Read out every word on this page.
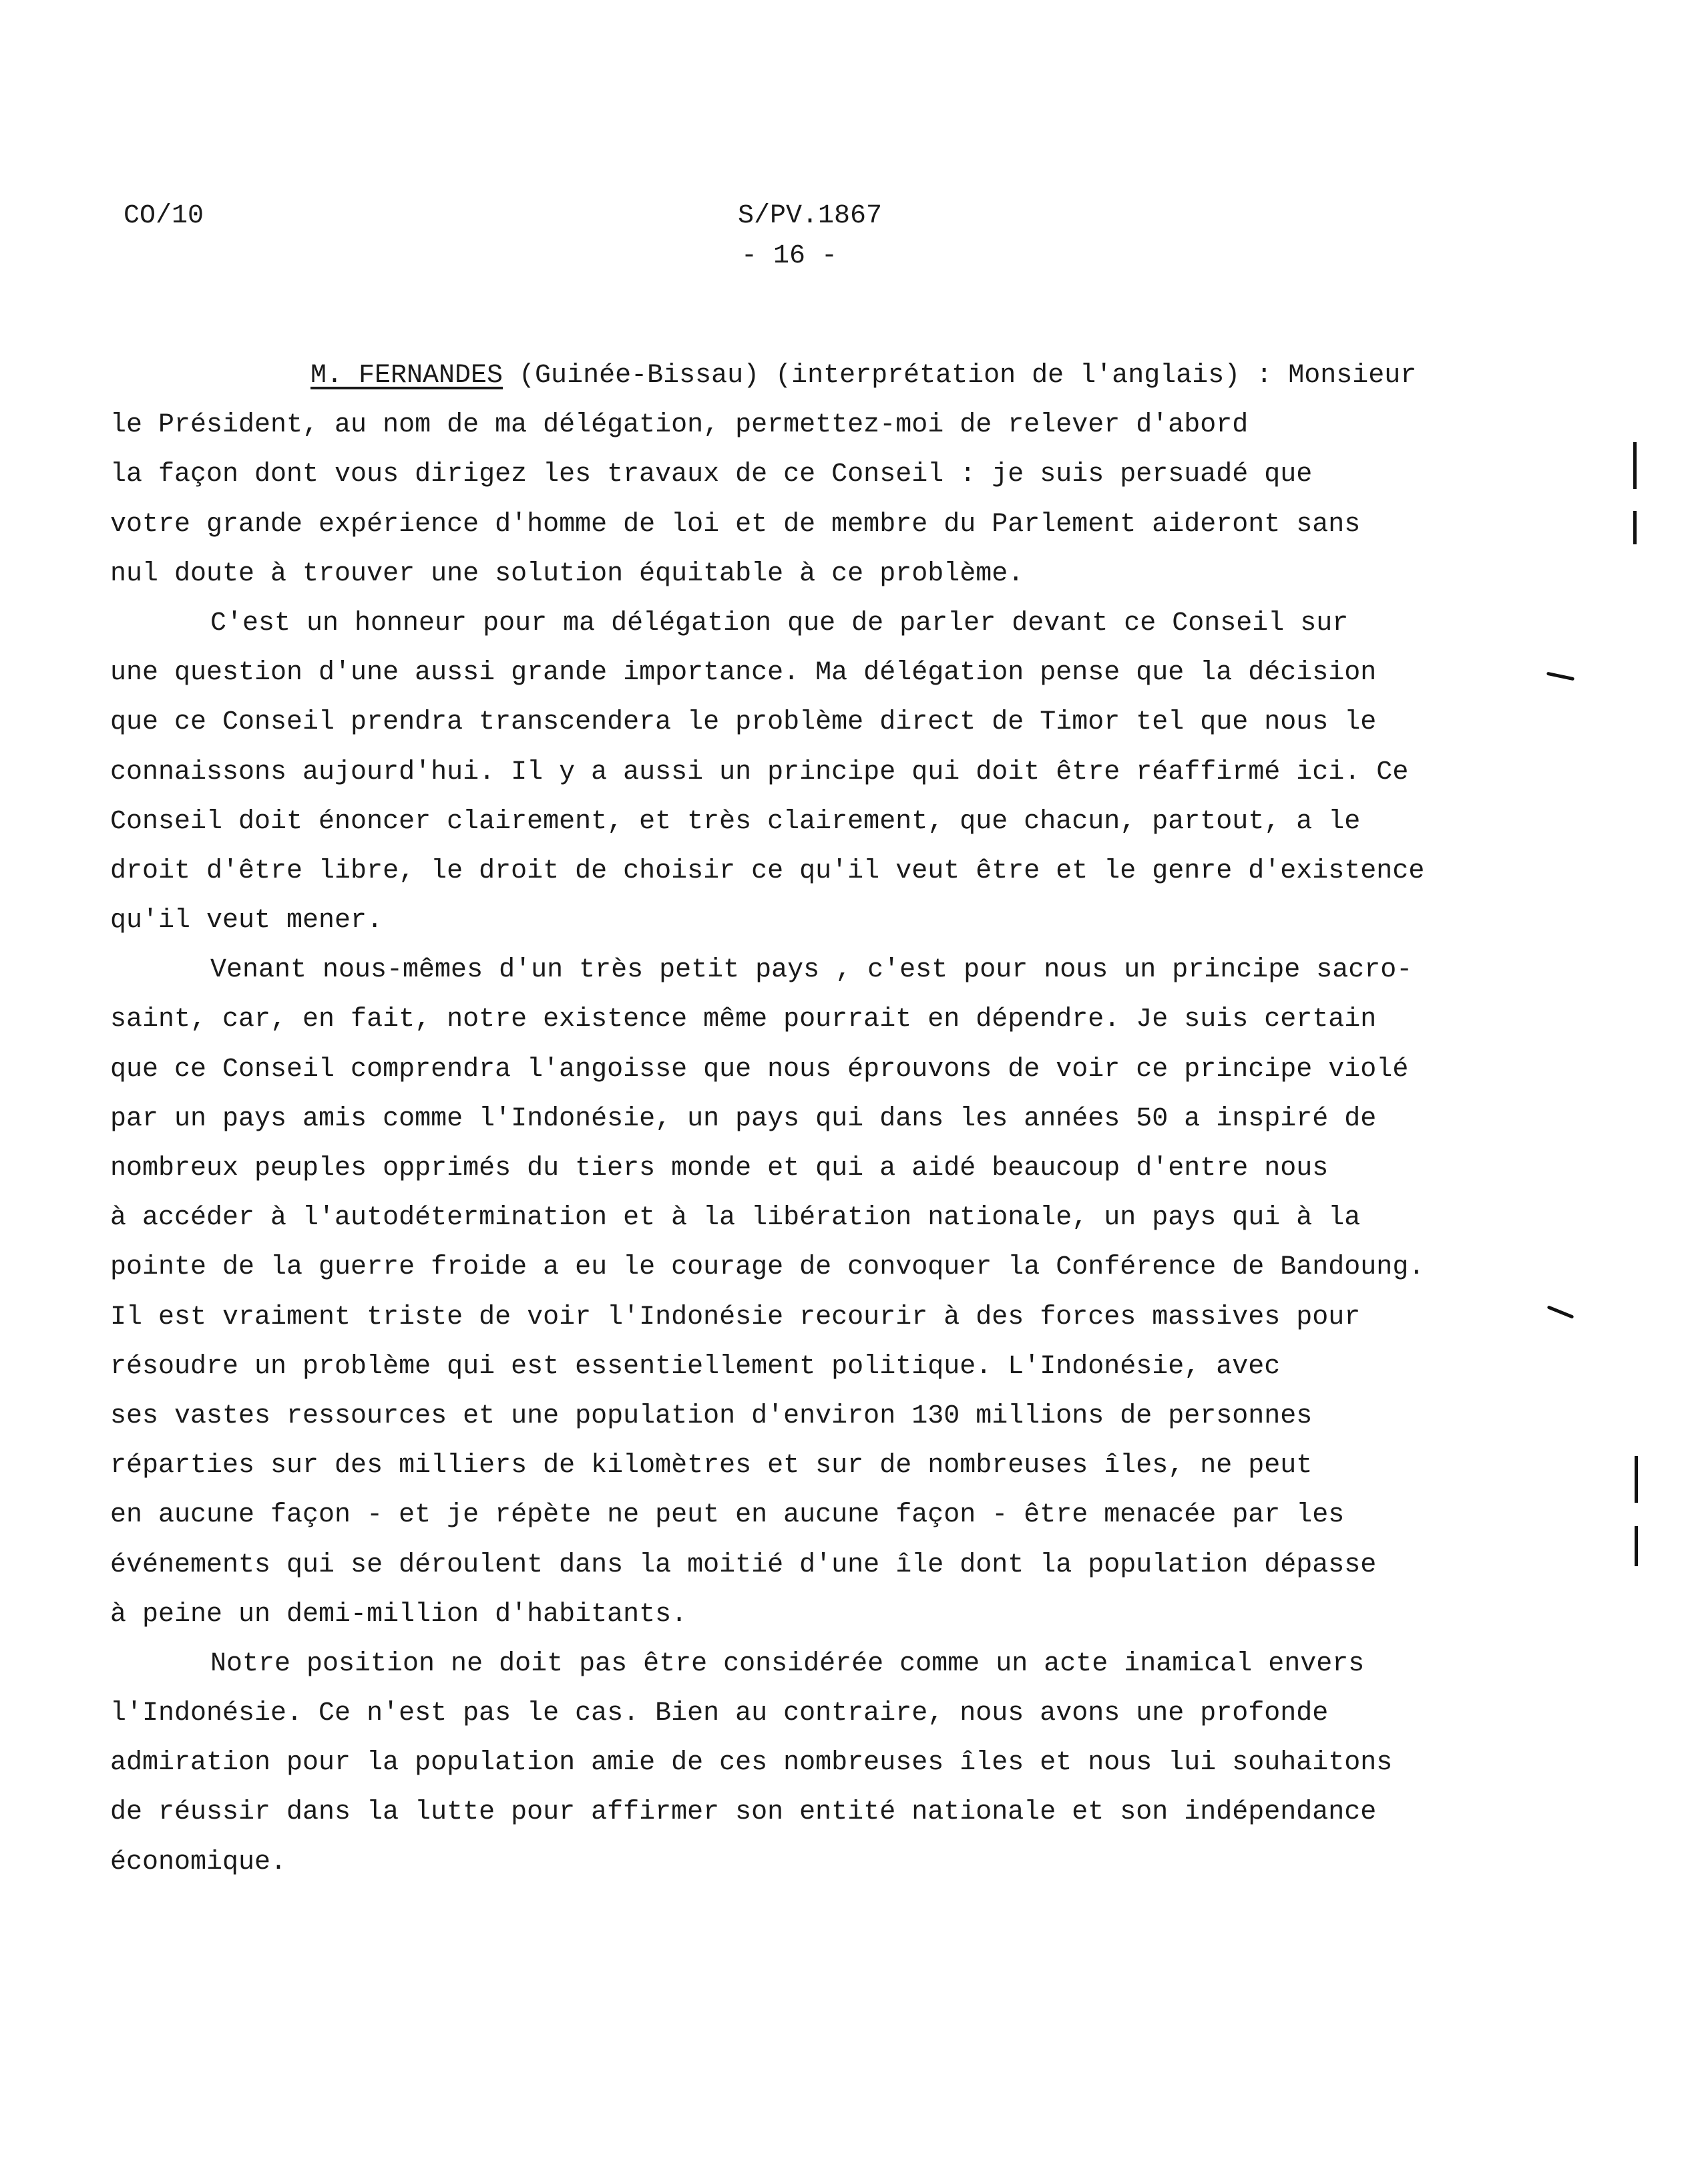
CO/10	S/PV.1867
- 16 -
M. FERNANDES (Guinée-Bissau) (interprétation de l'anglais) : Monsieur
le Président, au nom de ma délégation, permettez-moi de relever d'abord
la façon dont vous dirigez les travaux de ce Conseil : je suis persuadé que
votre grande expérience d'homme de loi et de membre du Parlement aideront sans
nul doute à trouver une solution équitable à ce problème.
C'est un honneur pour ma délégation que de parler devant ce Conseil sur
une question d'une aussi grande importance. Ma délégation pense que la décision
que ce Conseil prendra transcendera le problème direct de Timor tel que nous le
connaissons aujourd'hui. Il y a aussi un principe qui doit être réaffirmé ici. Ce
Conseil doit énoncer clairement, et très clairement, que chacun, partout, a le
droit d'être libre, le droit de choisir ce qu'il veut être et le genre d'existence
qu'il veut mener.
Venant nous-mêmes d'un très petit pays , c'est pour nous un principe sacro-
saint, car, en fait, notre existence même pourrait en dépendre. Je suis certain
que ce Conseil comprendra l'angoisse que nous éprouvons de voir ce principe violé
par un pays amis comme l'Indonésie, un pays qui dans les années 50 a inspiré de
nombreux peuples opprimés du tiers monde et qui a aidé beaucoup d'entre nous
à accéder à l'autodétermination et à la libération nationale, un pays qui à la
pointe de la guerre froide a eu le courage de convoquer la Conférence de Bandoung.
Il est vraiment triste de voir l'Indonésie recourir à des forces massives pour
résoudre un problème qui est essentiellement politique. L'Indonésie, avec
ses vastes ressources et une population d'environ 130 millions de personnes
réparties sur des milliers de kilomètres et sur de nombreuses îles, ne peut
en aucune façon - et je répète ne peut en aucune façon - être menacée par les
événements qui se déroulent dans la moitié d'une île dont la population dépasse
à peine un demi-million d'habitants.
Notre position ne doit pas être considérée comme un acte inamical envers
l'Indonésie. Ce n'est pas le cas. Bien au contraire, nous avons une profonde
admiration pour la population amie de ces nombreuses îles et nous lui souhaitons
de réussir dans la lutte pour affirmer son entité nationale et son indépendance
économique.
